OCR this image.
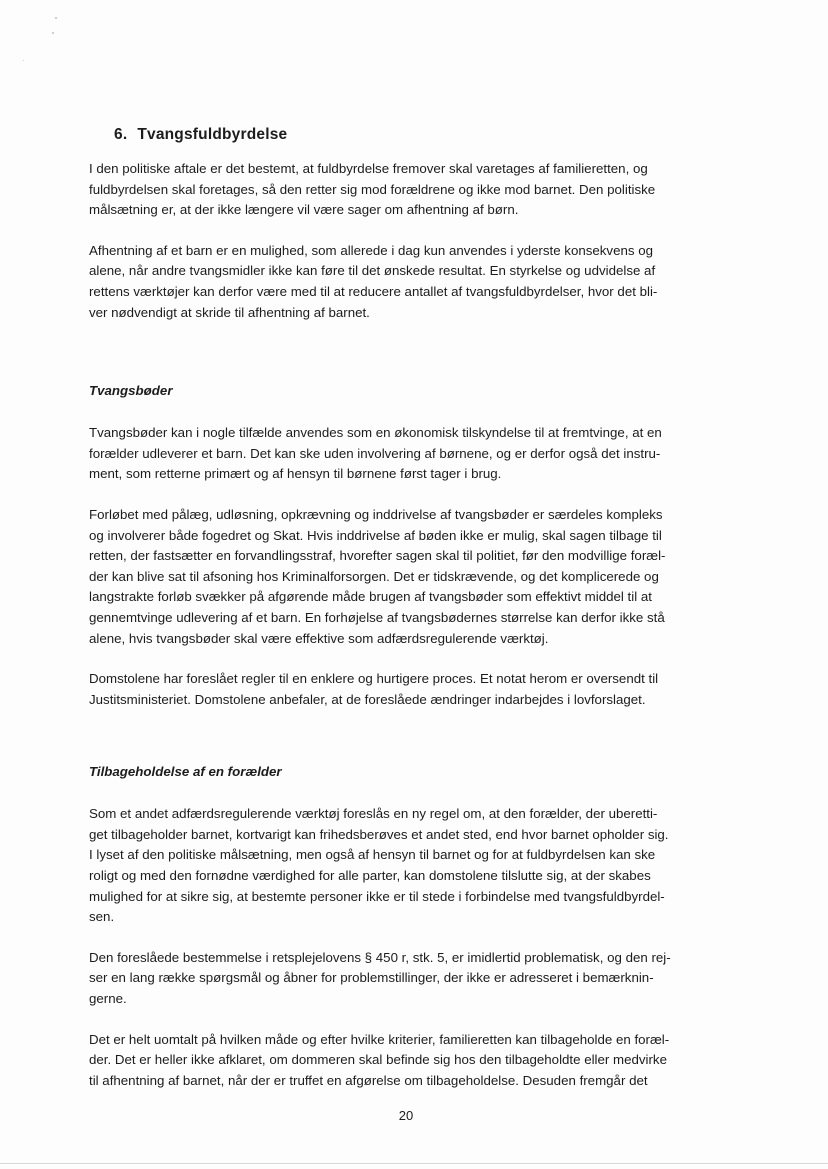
6. Tvangsfuldbyrdelse

I den politiske aftale er det bestemt, at fuldbyrdelse fremover skal varetages af familieretten, og
fuldbyrdelsen skal foretages, så den retter sig mod forældrene og ikke mod barnet. Den politiske
målsætning er, at der ikke længere vil være sager om afhentning af børn.

Afhentning af et barn er en mulighed, som allerede i dag kun anvendes i yderste konsekvens og
alene, når andre tvangsmidler ikke kan føre til det ønskede resultat. En styrkelse og udvidelse af
rettens værktøjer kan derfor være med til at reducere antallet af tvangsfuldbyrdelser, hvor det bli-
ver nødvendigt at skride til afhentning af barnet.

Tvangsbøder

Tvangsbøder kan i nogle tilfælde anvendes som en økonomisk tilskyndelse til at fremtvinge, at en
forælder udleverer et barn. Det kan ske uden involvering af børnene, og er derfor også det instru-
ment, som retterne primært og af hensyn til børnene først tager i brug.

Forløbet med pålæg, udløsning, opkrævning og inddrivelse af tvangsbøder er særdeles kompleks
og involverer både fogedret og Skat. Hvis inddrivelse af bøden ikke er mulig, skal sagen tilbage til
retten, der fastsætter en forvandlingsstraf, hvorefter sagen skal til politiet, før den modvillige foræl-
der kan blive sat til afsoning hos Kriminalforsorgen. Det er tidskrævende, og det komplicerede og
langstrakte forløb svækker på afgørende måde brugen af tvangsbøder som effektivt middel til at
gennemtvinge udlevering af et barn. En forhøjelse af tvangsbødernes størrelse kan derfor ikke stå
alene, hvis tvangsbøder skal være effektive som adfærdsregulerende værktøj.

Domstolene har foreslået regler til en enklere og hurtigere proces. Et notat herom er oversendt til
Justitsministeriet. Domstolene anbefaler, at de foreslåede ændringer indarbejdes i lovforslaget.

Tilbageholdelse af en forælder

Som et andet adfærdsregulerende værktøj foreslås en ny regel om, at den forælder, der uberetti-
get tilbageholder barnet, kortvarigt kan frihedsberøves et andet sted, end hvor barnet opholder sig.
I lyset af den politiske målsætning, men også af hensyn til barnet og for at fuldbyrdelsen kan ske
roligt og med den fornødne værdighed for alle parter, kan domstolene tilslutte sig, at der skabes
mulighed for at sikre sig, at bestemte personer ikke er til stede i forbindelse med tvangsfuldbyrdel-
sen.

Den foreslåede bestemmelse i retsplejelovens § 450 r, stk. 5, er imidlertid problematisk, og den rej-
ser en lang række spørgsmål og åbner for problemstillinger, der ikke er adresseret i bemærknin-
gerne.

Det er helt uomtalt på hvilken måde og efter hvilke kriterier, familieretten kan tilbageholde en foræl-
der. Det er heller ikke afklaret, om dommeren skal befinde sig hos den tilbageholdte eller medvirke
til afhentning af barnet, når der er truffet en afgørelse om tilbageholdelse. Desuden fremgår det

20
